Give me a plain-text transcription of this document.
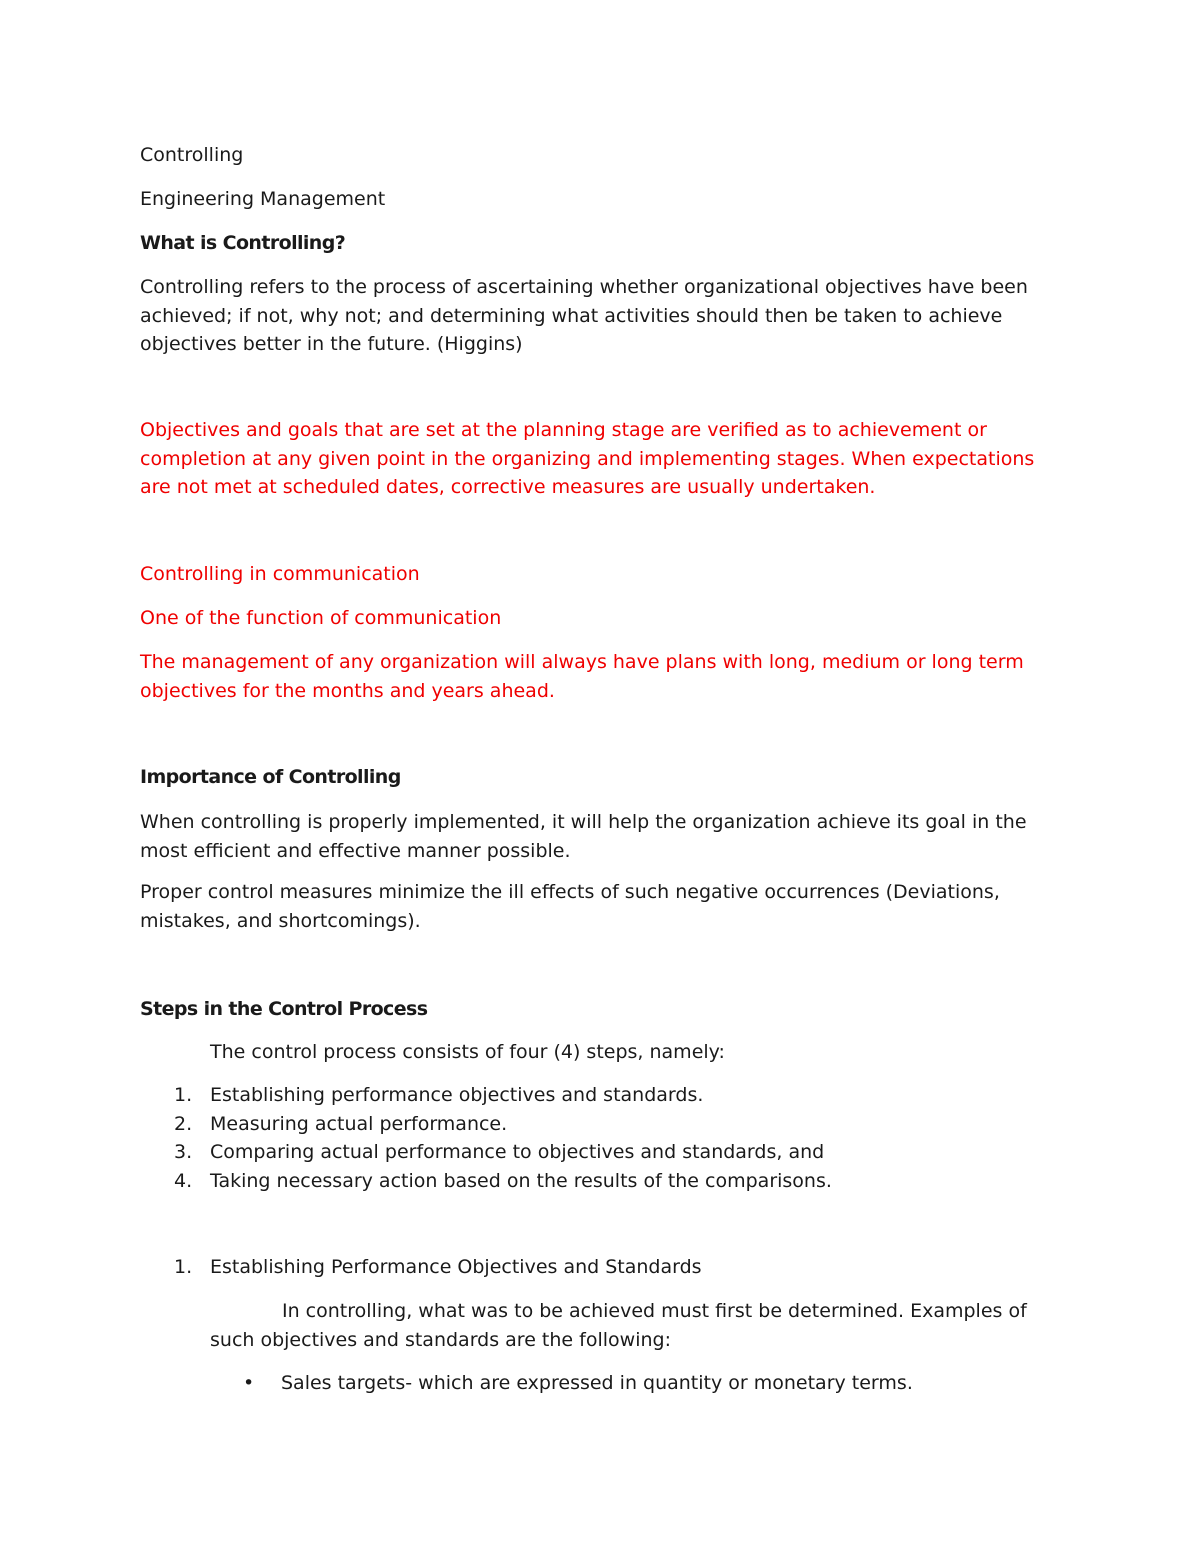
Controlling

Engineering Management

What is Controlling?

Controlling refers to the process of ascertaining whether organizational objectives have been achieved; if not, why not; and determining what activities should then be taken to achieve objectives better in the future. (Higgins)

Objectives and goals that are set at the planning stage are verified as to achievement or completion at any given point in the organizing and implementing stages. When expectations are not met at scheduled dates, corrective measures are usually undertaken.

Controlling in communication

One of the function of communication

The management of any organization will always have plans with long, medium or long term objectives for the months and years ahead.

Importance of Controlling

When controlling is properly implemented, it will help the organization achieve its goal in the most efficient and effective manner possible.

Proper control measures minimize the ill effects of such negative occurrences (Deviations, mistakes, and shortcomings).

Steps in the Control Process

The control process consists of four (4) steps, namely:

1. Establishing performance objectives and standards.
2. Measuring actual performance.
3. Comparing actual performance to objectives and standards, and
4. Taking necessary action based on the results of the comparisons.
1. Establishing Performance Objectives and Standards

In controlling, what was to be achieved must first be determined. Examples of such objectives and standards are the following:

•	Sales targets- which are expressed in quantity or monetary terms.
